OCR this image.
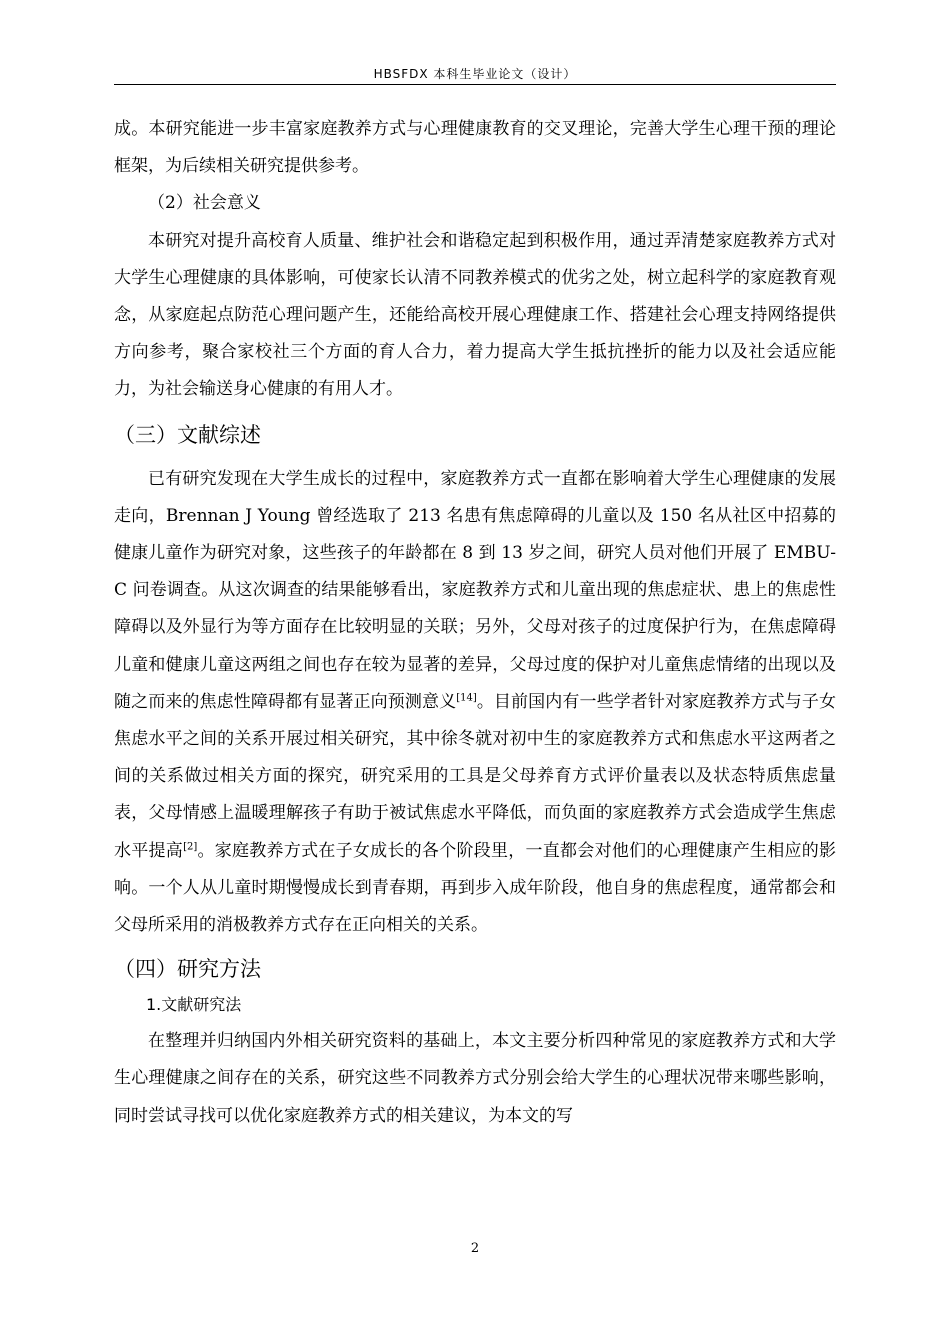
HBSFDX 本科生毕业论文（设计）

成。本研究能进一步丰富家庭教养方式与心理健康教育的交叉理论，完善大学生心理干预的理论框架，为后续相关研究提供参考。

（2）社会意义

本研究对提升高校育人质量、维护社会和谐稳定起到积极作用，通过弄清楚家庭教养方式对大学生心理健康的具体影响，可使家长认清不同教养模式的优劣之处，树立起科学的家庭教育观念，从家庭起点防范心理问题产生，还能给高校开展心理健康工作、搭建社会心理支持网络提供方向参考，聚合家校社三个方面的育人合力，着力提高大学生抵抗挫折的能力以及社会适应能力，为社会输送身心健康的有用人才。

（三）文献综述

已有研究发现在大学生成长的过程中，家庭教养方式一直都在影响着大学生心理健康的发展走向，Brennan J Young 曾经选取了 213 名患有焦虑障碍的儿童以及 150 名从社区中招募的健康儿童作为研究对象，这些孩子的年龄都在 8 到 13 岁之间，研究人员对他们开展了 EMBU-C 问卷调查。从这次调查的结果能够看出，家庭教养方式和儿童出现的焦虑症状、患上的焦虑性障碍以及外显行为等方面存在比较明显的关联；另外，父母对孩子的过度保护行为，在焦虑障碍儿童和健康儿童这两组之间也存在较为显著的差异，父母过度的保护对儿童焦虑情绪的出现以及随之而来的焦虑性障碍都有显著正向预测意义[14]。目前国内有一些学者针对家庭教养方式与子女焦虑水平之间的关系开展过相关研究，其中徐冬就对初中生的家庭教养方式和焦虑水平这两者之间的关系做过相关方面的探究，研究采用的工具是父母养育方式评价量表以及状态特质焦虑量表，父母情感上温暖理解孩子有助于被试焦虑水平降低，而负面的家庭教养方式会造成学生焦虑水平提高[2]。家庭教养方式在子女成长的各个阶段里，一直都会对他们的心理健康产生相应的影响。一个人从儿童时期慢慢成长到青春期，再到步入成年阶段，他自身的焦虑程度，通常都会和父母所采用的消极教养方式存在正向相关的关系。

（四）研究方法
1.文献研究法

在整理并归纳国内外相关研究资料的基础上，本文主要分析四种常见的家庭教养方式和大学生心理健康之间存在的关系，研究这些不同教养方式分别会给大学生的心理状况带来哪些影响，同时尝试寻找可以优化家庭教养方式的相关建议，为本文的写

2
